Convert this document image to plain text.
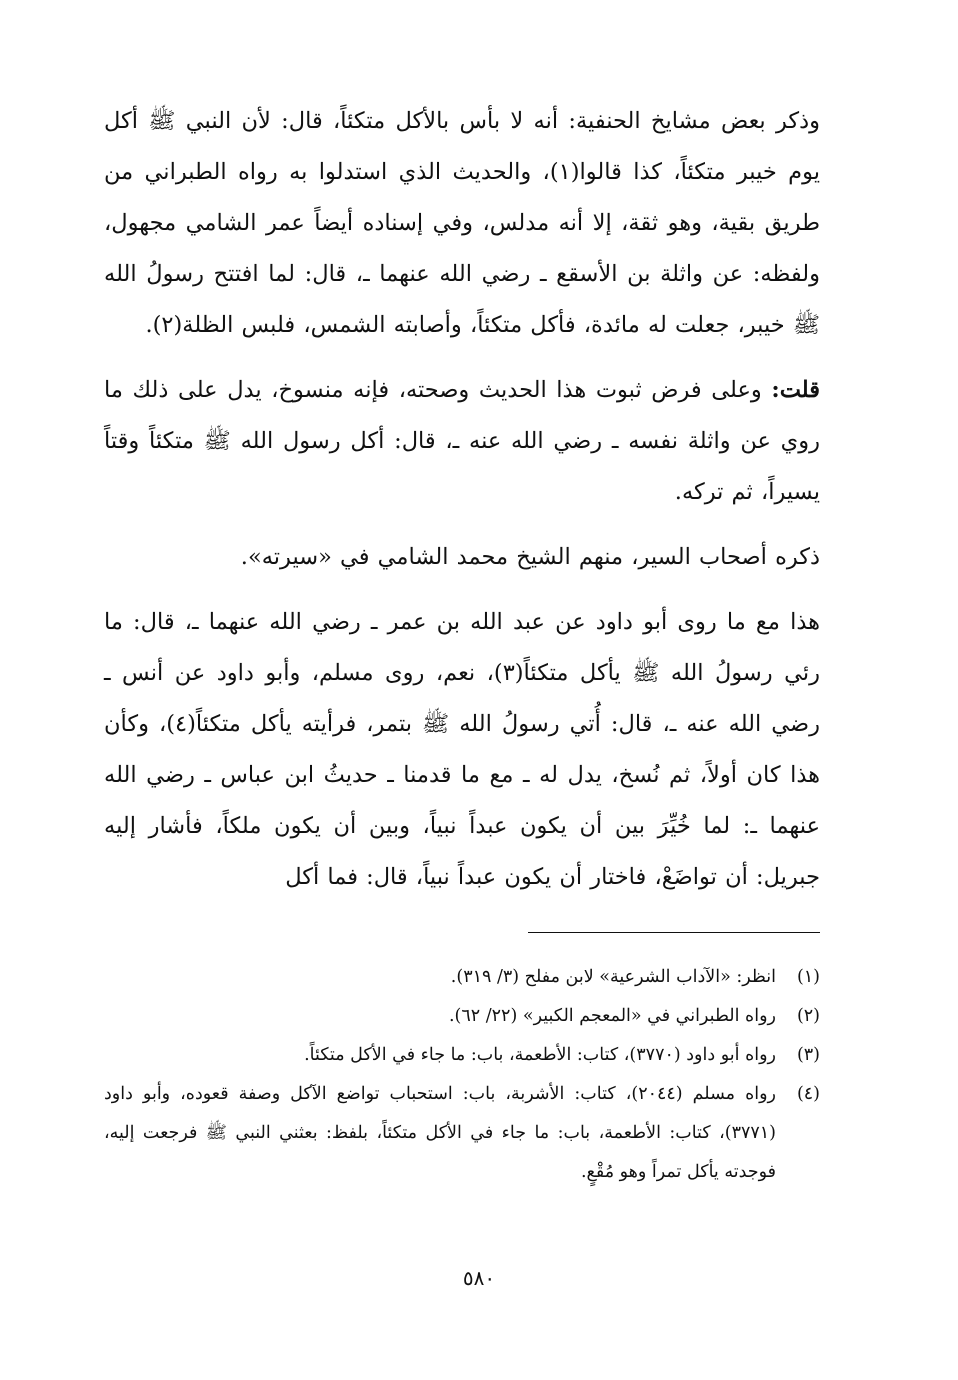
وذكر بعض مشايخ الحنفية: أنه لا بأس بالأكل متكئاً، قال: لأن النبي ﷺ أكل يوم خيبر متكئاً، كذا قالوا(١)، والحديث الذي استدلوا به رواه الطبراني من طريق بقية، وهو ثقة، إلا أنه مدلس، وفي إسناده أيضاً عمر الشامي مجهول، ولفظه: عن واثلة بن الأسقع ـ رضي الله عنهما ـ، قال: لما افتتح رسولُ الله ﷺ خيبر، جعلت له مائدة، فأكل متكئاً، وأصابته الشمس، فلبس الظلة(٢).

قلت: وعلى فرض ثبوت هذا الحديث وصحته، فإنه منسوخ، يدل على ذلك ما روي عن واثلة نفسه ـ رضي الله عنه ـ، قال: أكل رسول الله ﷺ متكئاً وقتاً يسيراً، ثم تركه.

ذكره أصحاب السير، منهم الشيخ محمد الشامي في «سيرته».

هذا مع ما روى أبو داود عن عبد الله بن عمر ـ رضي الله عنهما ـ، قال: ما رئي رسولُ الله ﷺ يأكل متكئاً(٣)، نعم، روى مسلم، وأبو داود عن أنس ـ رضي الله عنه ـ، قال: أُتي رسولُ الله ﷺ بتمر، فرأيته يأكل متكئاً(٤)، وكأن هذا كان أولاً، ثم نُسخ، يدل له ـ مع ما قدمنا ـ حديثُ ابن عباس ـ رضي الله عنهما ـ: لما خُيِّرَ بين أن يكون عبداً نبياً، وبين أن يكون ملكاً، فأشار إليه جبريل: أن تواضَعْ، فاختار أن يكون عبداً نبياً، قال: فما أكل

(١)
انظر: «الآداب الشرعية» لابن مفلح (٣/ ٣١٩).
(٢)
رواه الطبراني في «المعجم الكبير» (٢٢/ ٦٢).
(٣)
رواه أبو داود (٣٧٧٠)، كتاب: الأطعمة، باب: ما جاء في الأكل متكئاً.
(٤)
رواه مسلم (٢٠٤٤)، كتاب: الأشربة، باب: استحباب تواضع الآكل وصفة قعوده، وأبو داود (٣٧٧١)، كتاب: الأطعمة، باب: ما جاء في الأكل متكئاً، بلفظ: بعثني النبي ﷺ فرجعت إليه، فوجدته يأكل تمراً وهو مُقْعٍ.
٥٨٠
